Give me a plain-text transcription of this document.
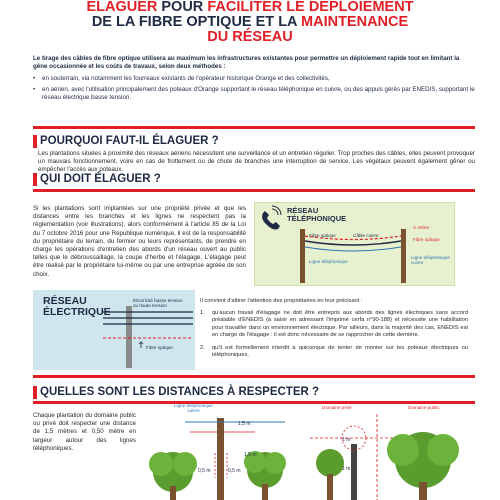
ÉLAGUER POUR FACILITER LE DÉPLOIEMENT
DE LA FIBRE OPTIQUE ET LA MAINTENANCE
DU RÉSEAU

Le tirage des câbles de fibre optique utilisera au maximum les infrastructures existantes pour permettre un déploiement rapide tout en limitant la gêne occasionnée et les coûts de travaux, selon deux méthodes :

• en souterrain, via notamment les fourreaux existants de l'opérateur historique Orange et des collectivités,
• en aérien, avec l'utilisation principalement des poteaux d'Orange supportant le réseau téléphonique en cuivre, ou des appuis gérés par ENEDIS, supportant le réseau électrique basse tension.
POURQUOI FAUT-IL ÉLAGUER ?
Les plantations situées à proximité des réseaux aériens nécessitent une surveillance et un entretien régulier. Trop proches des câbles, elles peuvent provoquer un mauvais fonctionnement, voire en cas de frottement ou de chute de branches une interruption de service. Les végétaux peuvent également gêner ou empêcher l'accès aux poteaux.
QUI DOIT ÉLAGUER ?
Si les plantations sont implantées sur une propriété privée et que les distances entre les branches et les lignes ne respectent pas la réglementation (voir illustrations), alors conformément à l'article 85 de la Loi du 7 octobre 2016 pour une République numérique, il est de la responsabilité du propriétaire du terrain, du fermier ou leurs représentants, de prendre en charge les opérations d'entretien des abords d'un réseau ouvert au public telles que le débroussaillage, la coupe d'herbe et l'élagage. L'élagage peut être réalisé par le propriétaire lui-même ou par une entreprise agréée de son choix.
RÉSEAU
TÉLÉPHONIQUE
Fibre optique	Câble cuivre
Ligne téléphonique
À retirer
Fibre optique
Ligne téléphonique cuivre
RÉSEAU
ÉLECTRIQUE
Électricité basse tension
ou haute tension
Fibre optique

Il convient d'attirer l'attention des propriétaires en leur précisant :

1. qu'aucun travail d'élagage ne doit être entrepris aux abords des lignes électriques sans accord préalable d'ENEDIS (à saisir en adressant l'imprimé cerfa n°90-188) et nécessite une habilitation pour travailler dans un environnement électrique. Par ailleurs, dans la majorité des cas, ENEDIS est en charge de l'élagage : il est donc nécessaire de se rapprocher de cette dernière.
2. qu'il est formellement interdit à quiconque de tenter de monter sur les poteaux électriques ou téléphoniques.
QUELLES SONT LES DISTANCES À RESPECTER ?
Chaque plantation du domaine public ou privé doit respecter une distance de 1,5 mètres et 0,50 mètre en largeur autour des lignes téléphoniques.
Ligne téléphonique
cuivre
1,5 m
1,5 m
0,5 m	0,5 m
Domaine privé	Domaine public
1 m
1 m
